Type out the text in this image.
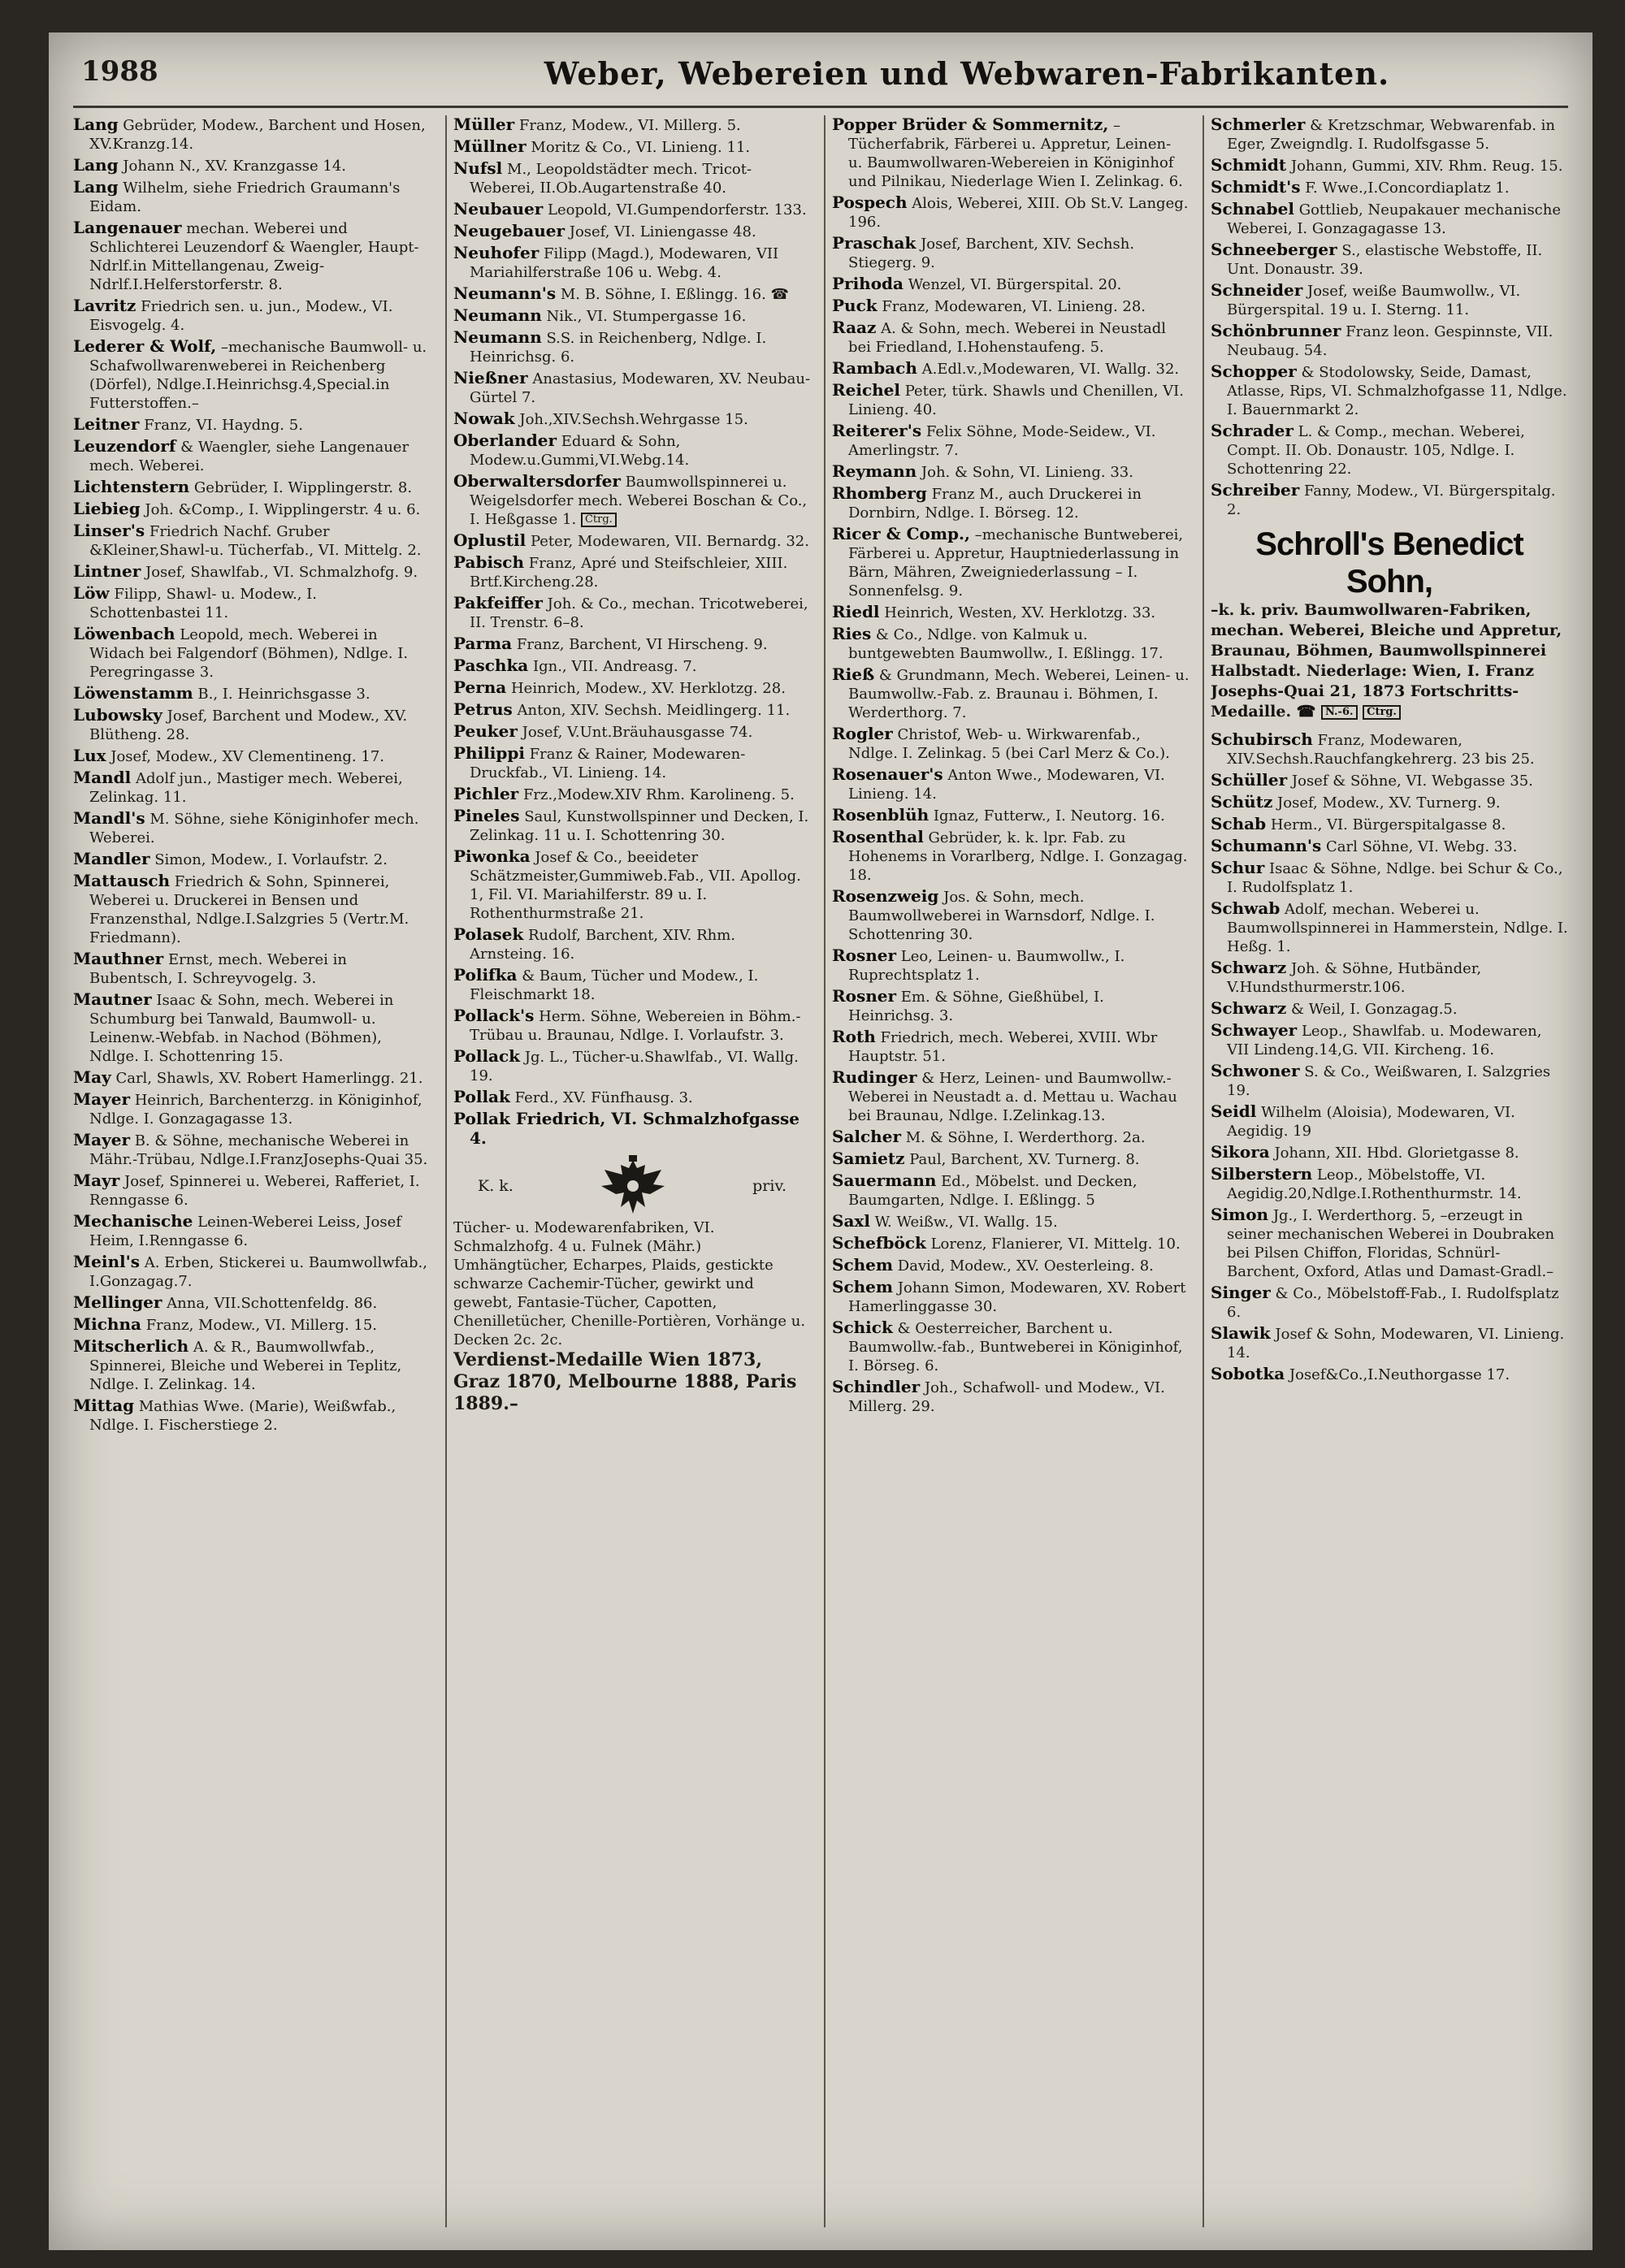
1988	Weber, Webereien und Webwaren-Fabrikanten.
Lang Gebrüder, Modew., Barchent und Hosen, XV.Kranzg.14.
Lang Johann N., XV. Kranzgasse 14.
Lang Wilhelm, siehe Friedrich Graumann's Eidam.
Langenauer mechan. Weberei und Schlichterei Leuzendorf & Waengler, Haupt-Ndrlf.in Mittellangenau, Zweig-Ndrlf.I.Helferstorferstr. 8.
Lavritz Friedrich sen. u. jun., Modew., VI. Eisvogelg. 4.
Lederer & Wolf, –mechanische Baumwoll- u. Schafwollwarenweberei in Reichenberg (Dörfel), Ndlge.I.Heinrichsg.4,Special.in Futterstoffen.–
Leitner Franz, VI. Haydng. 5.
Leuzendorf & Waengler, siehe Langenauer mech. Weberei.
Lichtenstern Gebrüder, I. Wipplingerstr. 8.
Liebieg Joh. &Comp., I. Wipplingerstr. 4 u. 6.
Linser's Friedrich Nachf. Gruber &Kleiner,Shawl-u. Tücherfab., VI. Mittelg. 2.
Lintner Josef, Shawlfab., VI. Schmalzhofg. 9.
Löw Filipp, Shawl- u. Modew., I. Schottenbastei 11.
Löwenbach Leopold, mech. Weberei in Widach bei Falgendorf (Böhmen), Ndlge. I. Peregringasse 3.
Löwenstamm B., I. Heinrichsgasse 3.
Lubowsky Josef, Barchent und Modew., XV. Blütheng. 28.
Lux Josef, Modew., XV Clementineng. 17.
Mandl Adolf jun., Mastiger mech. Weberei, Zelinkag. 11.
Mandl's M. Söhne, siehe Königinhofer mech. Weberei.
Mandler Simon, Modew., I. Vorlaufstr. 2.
Mattausch Friedrich & Sohn, Spinnerei, Weberei u. Druckerei in Bensen und Franzensthal, Ndlge.I.Salzgries 5 (Vertr.M. Friedmann).
Mauthner Ernst, mech. Weberei in Bubentsch, I. Schreyvogelg. 3.
Mautner Isaac & Sohn, mech. Weberei in Schumburg bei Tanwald, Baumwoll- u. Leinenw.-Webfab. in Nachod (Böhmen), Ndlge. I. Schottenring 15.
May Carl, Shawls, XV. Robert Hamerlingg. 21.
Mayer Heinrich, Barchenterzg. in Königinhof, Ndlge. I. Gonzagagasse 13.
Mayer B. & Söhne, mechanische Weberei in Mähr.-Trübau, Ndlge.I.FranzJosephs-Quai 35.
Mayr Josef, Spinnerei u. Weberei, Rafferiet, I. Renngasse 6.
Mechanische Leinen-Weberei Leiss, Josef Heim, I.Renngasse 6.
Meinl's A. Erben, Stickerei u. Baumwollwfab., I.Gonzagag.7.
Mellinger Anna, VII.Schottenfeldg. 86.
Michna Franz, Modew., VI. Millerg. 15.
Mitscherlich A. & R., Baumwollwfab., Spinnerei, Bleiche und Weberei in Teplitz, Ndlge. I. Zelinkag. 14.
Mittag Mathias Wwe. (Marie), Weißwfab., Ndlge. I. Fischerstiege 2.
Müller Franz, Modew., VI. Millerg. 5.
Müllner Moritz & Co., VI. Linieng. 11.
Nufsl M., Leopoldstädter mech. Tricot-Weberei, II.Ob.Augartenstraße 40.
Neubauer Leopold, VI.Gumpendorferstr. 133.
Neugebauer Josef, VI. Liniengasse 48.
Neuhofer Filipp (Magd.), Modewaren, VII Mariahilferstraße 106 u. Webg. 4.
Neumann's M. B. Söhne, I. Eßlingg. 16. ☎
Neumann Nik., VI. Stumpergasse 16.
Neumann S.S. in Reichenberg, Ndlge. I. Heinrichsg. 6.
Nießner Anastasius, Modewaren, XV. Neubau-Gürtel 7.
Nowak Joh.,XIV.Sechsh.Wehrgasse 15.
Oberlander Eduard & Sohn, Modew.u.Gummi,VI.Webg.14.
Oberwaltersdorfer Baumwollspinnerei u. Weigelsdorfer mech. Weberei Boschan & Co., I. Heßgasse 1. Ctrg.
Oplustil Peter, Modewaren, VII. Bernardg. 32.
Pabisch Franz, Apré und Steifschleier, XIII. Brtf.Kircheng.28.
Pakfeiffer Joh. & Co., mechan. Tricotweberei, II. Trenstr. 6–8.
Parma Franz, Barchent, VI Hirscheng. 9.
Paschka Ign., VII. Andreasg. 7.
Perna Heinrich, Modew., XV. Herklotzg. 28.
Petrus Anton, XIV. Sechsh. Meidlingerg. 11.
Peuker Josef, V.Unt.Bräuhausgasse 74.
Philippi Franz & Rainer, Modewaren-Druckfab., VI. Linieng. 14.
Pichler Frz.,Modew.XIV Rhm. Karolineng. 5.
Pineles Saul, Kunstwollspinner und Decken, I. Zelinkag. 11 u. I. Schottenring 30.
Piwonka Josef & Co., beeideter Schätzmeister,Gummiweb.Fab., VII. Apollog. 1, Fil. VI. Mariahilferstr. 89 u. I. Rothenthurmstraße 21.
Polasek Rudolf, Barchent, XIV. Rhm. Arnsteing. 16.
Polifka & Baum, Tücher und Modew., I. Fleischmarkt 18.
Pollack's Herm. Söhne, Webereien in Böhm.-Trübau u. Braunau, Ndlge. I. Vorlaufstr. 3.
Pollack Jg. L., Tücher-u.Shawlfab., VI. Wallg. 19.
Pollak Ferd., XV. Fünfhausg. 3.
Pollak Friedrich, VI. Schmalzhofgasse 4.
K. k.	priv.
Tücher- u. Modewarenfabriken, VI. Schmalzhofg. 4 u. Fulnek (Mähr.) Umhängtücher, Echarpes, Plaids, gestickte schwarze Cachemir-Tücher, gewirkt und gewebt, Fantasie-Tücher, Capotten, Chenilletücher, Chenille-Portièren, Vorhänge u. Decken 2c. 2c.
Verdienst-Medaille Wien 1873, Graz 1870, Melbourne 1888, Paris 1889.–
Popper Brüder & Sommernitz, –Tücherfabrik, Färberei u. Appretur, Leinen- u. Baumwollwaren-Webereien in Königinhof und Pilnikau, Niederlage Wien I. Zelinkag. 6.
Pospech Alois, Weberei, XIII. Ob St.V. Langeg. 196.
Praschak Josef, Barchent, XIV. Sechsh. Stiegerg. 9.
Prihoda Wenzel, VI. Bürgerspital. 20.
Puck Franz, Modewaren, VI. Linieng. 28.
Raaz A. & Sohn, mech. Weberei in Neustadl bei Friedland, I.Hohenstaufeng. 5.
Rambach A.Edl.v.,Modewaren, VI. Wallg. 32.
Reichel Peter, türk. Shawls und Chenillen, VI. Linieng. 40.
Reiterer's Felix Söhne, Mode-Seidew., VI. Amerlingstr. 7.
Reymann Joh. & Sohn, VI. Linieng. 33.
Rhomberg Franz M., auch Druckerei in Dornbirn, Ndlge. I. Börseg. 12.
Ricer & Comp., –mechanische Buntweberei, Färberei u. Appretur, Hauptniederlassung in Bärn, Mähren, Zweigniederlassung – I. Sonnenfelsg. 9.
Riedl Heinrich, Westen, XV. Herklotzg. 33.
Ries & Co., Ndlge. von Kalmuk u. buntgewebten Baumwollw., I. Eßlingg. 17.
Rieß & Grundmann, Mech. Weberei, Leinen- u. Baumwollw.-Fab. z. Braunau i. Böhmen, I. Werderthorg. 7.
Rogler Christof, Web- u. Wirkwarenfab., Ndlge. I. Zelinkag. 5 (bei Carl Merz & Co.).
Rosenauer's Anton Wwe., Modewaren, VI. Linieng. 14.
Rosenblüh Ignaz, Futterw., I. Neutorg. 16.
Rosenthal Gebrüder, k. k. lpr. Fab. zu Hohenems in Vorarlberg, Ndlge. I. Gonzagag. 18.
Rosenzweig Jos. & Sohn, mech. Baumwollweberei in Warnsdorf, Ndlge. I. Schottenring 30.
Rosner Leo, Leinen- u. Baumwollw., I. Ruprechtsplatz 1.
Rosner Em. & Söhne, Gießhübel, I. Heinrichsg. 3.
Roth Friedrich, mech. Weberei, XVIII. Wbr Hauptstr. 51.
Rudinger & Herz, Leinen- und Baumwollw.-Weberei in Neustadt a. d. Mettau u. Wachau bei Braunau, Ndlge. I.Zelinkag.13.
Salcher M. & Söhne, I. Werderthorg. 2a.
Samietz Paul, Barchent, XV. Turnerg. 8.
Sauermann Ed., Möbelst. und Decken, Baumgarten, Ndlge. I. Eßlingg. 5
Saxl W. Weißw., VI. Wallg. 15.
Schefböck Lorenz, Flanierer, VI. Mittelg. 10.
Schem David, Modew., XV. Oesterleing. 8.
Schem Johann Simon, Modewaren, XV. Robert Hamerlinggasse 30.
Schick & Oesterreicher, Barchent u. Baumwollw.-fab., Buntweberei in Königinhof, I. Börseg. 6.
Schindler Joh., Schafwoll- und Modew., VI. Millerg. 29.
Schmerler & Kretzschmar, Webwarenfab. in Eger, Zweigndlg. I. Rudolfsgasse 5.
Schmidt Johann, Gummi, XIV. Rhm. Reug. 15.
Schmidt's F. Wwe.,I.Concordiaplatz 1.
Schnabel Gottlieb, Neupakauer mechanische Weberei, I. Gonzagagasse 13.
Schneeberger S., elastische Webstoffe, II. Unt. Donaustr. 39.
Schneider Josef, weiße Baumwollw., VI. Bürgerspital. 19 u. I. Sterng. 11.
Schönbrunner Franz leon. Gespinnste, VII. Neubaug. 54.
Schopper & Stodolowsky, Seide, Damast, Atlasse, Rips, VI. Schmalzhofgasse 11, Ndlge. I. Bauernmarkt 2.
Schrader L. & Comp., mechan. Weberei, Compt. II. Ob. Donaustr. 105, Ndlge. I. Schottenring 22.
Schreiber Fanny, Modew., VI. Bürgerspitalg. 2.
Schroll's Benedict Sohn,
–k. k. priv. Baumwollwaren-Fabriken, mechan. Weberei, Bleiche und Appretur, Braunau, Böhmen, Baumwollspinnerei Halbstadt. Niederlage: Wien, I. Franz Josephs-Quai 21, 1873 Fortschritts-Medaille. ☎ N.-6. Ctrg.
Schubirsch Franz, Modewaren, XIV.Sechsh.Rauchfangkehrerg. 23 bis 25.
Schüller Josef & Söhne, VI. Webgasse 35.
Schütz Josef, Modew., XV. Turnerg. 9.
Schab Herm., VI. Bürgerspitalgasse 8.
Schumann's Carl Söhne, VI. Webg. 33.
Schur Isaac & Söhne, Ndlge. bei Schur & Co., I. Rudolfsplatz 1.
Schwab Adolf, mechan. Weberei u. Baumwollspinnerei in Hammerstein, Ndlge. I. Heßg. 1.
Schwarz Joh. & Söhne, Hutbänder, V.Hundsthurmerstr.106.
Schwarz & Weil, I. Gonzagag.5.
Schwayer Leop., Shawlfab. u. Modewaren, VII Lindeng.14,G. VII. Kircheng. 16.
Schwoner S. & Co., Weißwaren, I. Salzgries 19.
Seidl Wilhelm (Aloisia), Modewaren, VI. Aegidig. 19
Sikora Johann, XII. Hbd. Glorietgasse 8.
Silberstern Leop., Möbelstoffe, VI. Aegidig.20,Ndlge.I.Rothenthurmstr. 14.
Simon Jg., I. Werderthorg. 5, –erzeugt in seiner mechanischen Weberei in Doubraken bei Pilsen Chiffon, Floridas, Schnürl-Barchent, Oxford, Atlas und Damast-Gradl.–
Singer & Co., Möbelstoff-Fab., I. Rudolfsplatz 6.
Slawik Josef & Sohn, Modewaren, VI. Linieng. 14.
Sobotka Josef&Co.,I.Neuthorgasse 17.
